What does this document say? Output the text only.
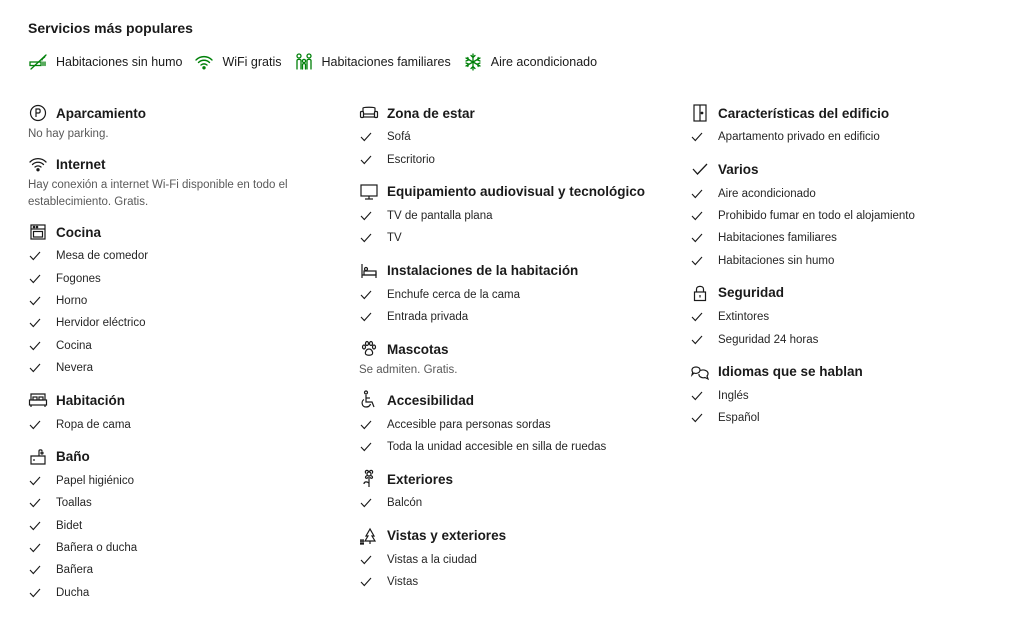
Servicios más populares
Habitaciones sin humo	WiFi gratis	Habitaciones familiares	Aire acondicionado
Aparcamiento
No hay parking.
Internet
Hay conexión a internet Wi-Fi disponible en todo el establecimiento. Gratis.
Cocina
Mesa de comedor
Fogones
Horno
Hervidor eléctrico
Cocina
Nevera
Habitación
Ropa de cama
Baño
Papel higiénico
Toallas
Bidet
Bañera o ducha
Bañera
Ducha
Zona de estar
Sofá
Escritorio
Equipamiento audiovisual y tecnológico
TV de pantalla plana
TV
Instalaciones de la habitación
Enchufe cerca de la cama
Entrada privada
Mascotas
Se admiten. Gratis.
Accesibilidad
Accesible para personas sordas
Toda la unidad accesible en silla de ruedas
Exteriores
Balcón
Vistas y exteriores
Vistas a la ciudad
Vistas
Características del edificio
Apartamento privado en edificio
Varios
Aire acondicionado
Prohibido fumar en todo el alojamiento
Habitaciones familiares
Habitaciones sin humo
Seguridad
Extintores
Seguridad 24 horas
Idiomas que se hablan
Inglés
Español
